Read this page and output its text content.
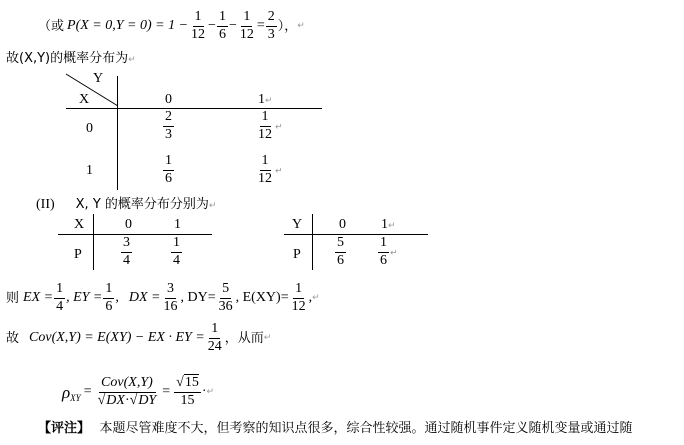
（或 $P(X = 0,Y = 0) = 1 - \frac{1}{12} - \frac{1}{6} - \frac{1}{12} = \frac{2}{3}$ ）， ↵
故(X,Y)的概率分布为↵
Y
X	0	1↵
0	$\frac{2}{3}$	$\frac{1}{12}$ ↵
1	$\frac{1}{6}$	$\frac{1}{12}$ ↵
(II) X, Y 的概率分布分别为↵
X	0	1
P	$\frac{3}{4}$	$\frac{1}{4}$
Y	0	1↵
P $\frac{5}{6} \frac{1}{6}$ ↵
则 EX = $\frac{1}{4}$ , EY = $\frac{1}{6}$ , DX = $\frac{3}{16}$ , $DY= \frac{5}{36}$ , $E(XY)= \frac{1}{12}$ , ↵
故 Cov(X,Y) = E(XY) − EX · EY = $\frac{1}{24}$ ，从而 ↵
ρ XY = $\frac{\text{Cov(X,Y)}}{√DX\cdot√DY} = \frac{√15}{15}$ · ↵
【评注】 本题尽管难度不大，但考察的知识点很多，综合性较强。通过随机事件定义随机变量或通过随
